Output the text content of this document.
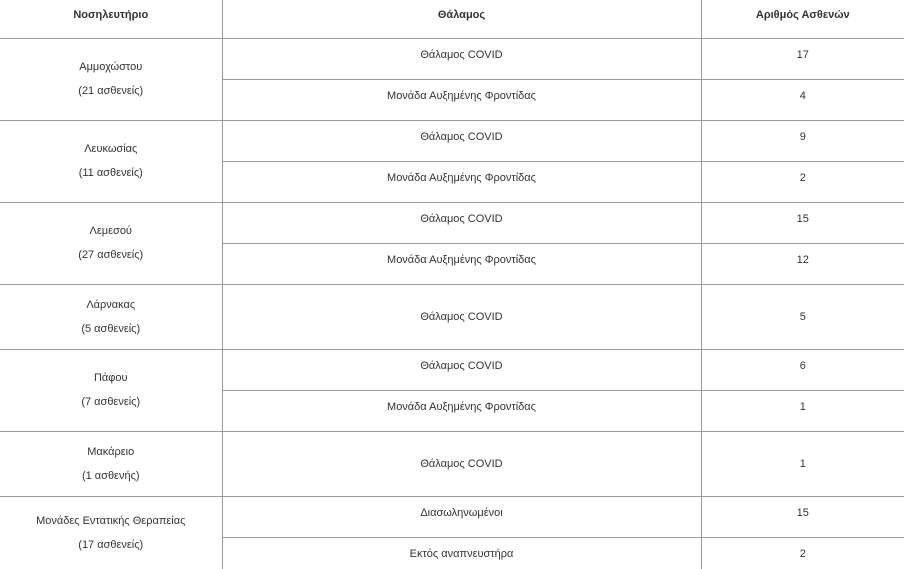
Νοσηλευτήριο	Θάλαμος	Αριθμός Ασθενών

Αμμοχώστου
(21 ασθενείς)	Θάλαμος COVID	17
	Μονάδα Αυξημένης Φροντίδας	4

Λευκωσίας
(11 ασθενείς)	Θάλαμος COVID	9
	Μονάδα Αυξημένης Φροντίδας	2

Λεμεσού
(27 ασθενείς)	Θάλαμος COVID	15
	Μονάδα Αυξημένης Φροντίδας	12

Λάρνακας
(5 ασθενείς)	Θάλαμος COVID	5

Πάφου
(7 ασθενείς)	Θάλαμος COVID	6
	Μονάδα Αυξημένης Φροντίδας	1

Μακάρειο
(1 ασθενής)	Θάλαμος COVID	1

Μονάδες Εντατικής Θεραπείας
(17 ασθενείς)	Διασωληνωμένοι	15
	Εκτός αναπνευστήρα	2
